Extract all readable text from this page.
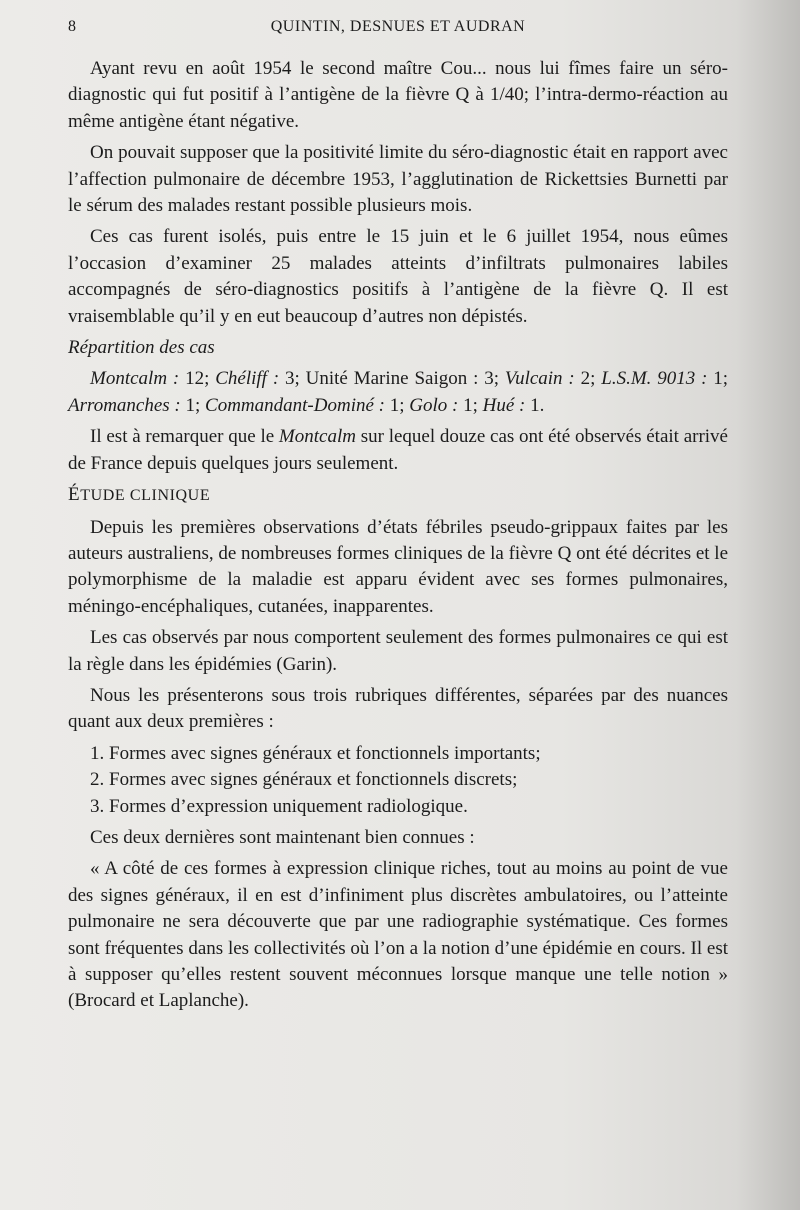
8	QUINTIN, DESNUES ET AUDRAN

Ayant revu en août 1954 le second maître Cou... nous lui fîmes faire un séro-diagnostic qui fut positif à l’antigène de la fièvre Q à 1/40; l’intra-dermo-réaction au même antigène étant négative.

On pouvait supposer que la positivité limite du séro-diagnostic était en rapport avec l’affection pulmonaire de décembre 1953, l’agglutination de Rickettsies Burnetti par le sérum des malades restant possible plusieurs mois.

Ces cas furent isolés, puis entre le 15 juin et le 6 juillet 1954, nous eûmes l’occasion d’examiner 25 malades atteints d’infiltrats pulmonaires labiles accompagnés de séro-diagnostics positifs à l’antigène de la fièvre Q. Il est vraisemblable qu’il y en eut beaucoup d’autres non dépistés.

Répartition des cas

Montcalm : 12; Chéliff : 3; Unité Marine Saigon : 3; Vulcain : 2; L.S.M. 9013 : 1; Arromanches : 1; Commandant-Dominé : 1; Golo : 1; Hué : 1.

Il est à remarquer que le Montcalm sur lequel douze cas ont été observés était arrivé de France depuis quelques jours seulement.

ÉTUDE CLINIQUE

Depuis les premières observations d’états fébriles pseudo-grippaux faites par les auteurs australiens, de nombreuses formes cliniques de la fièvre Q ont été décrites et le polymorphisme de la maladie est apparu évident avec ses formes pulmonaires, méningo-encéphaliques, cutanées, inapparentes.

Les cas observés par nous comportent seulement des formes pulmonaires ce qui est la règle dans les épidémies (Garin).

Nous les présenterons sous trois rubriques différentes, séparées par des nuances quant aux deux premières :

1. Formes avec signes généraux et fonctionnels importants;
2. Formes avec signes généraux et fonctionnels discrets;
3. Formes d’expression uniquement radiologique.

Ces deux dernières sont maintenant bien connues :

« A côté de ces formes à expression clinique riches, tout au moins au point de vue des signes généraux, il en est d’infiniment plus discrètes ambulatoires, ou l’atteinte pulmonaire ne sera découverte que par une radiographie systématique. Ces formes sont fréquentes dans les collectivités où l’on a la notion d’une épidémie en cours. Il est à supposer qu’elles restent souvent méconnues lorsque manque une telle notion » (Brocard et Laplanche).
